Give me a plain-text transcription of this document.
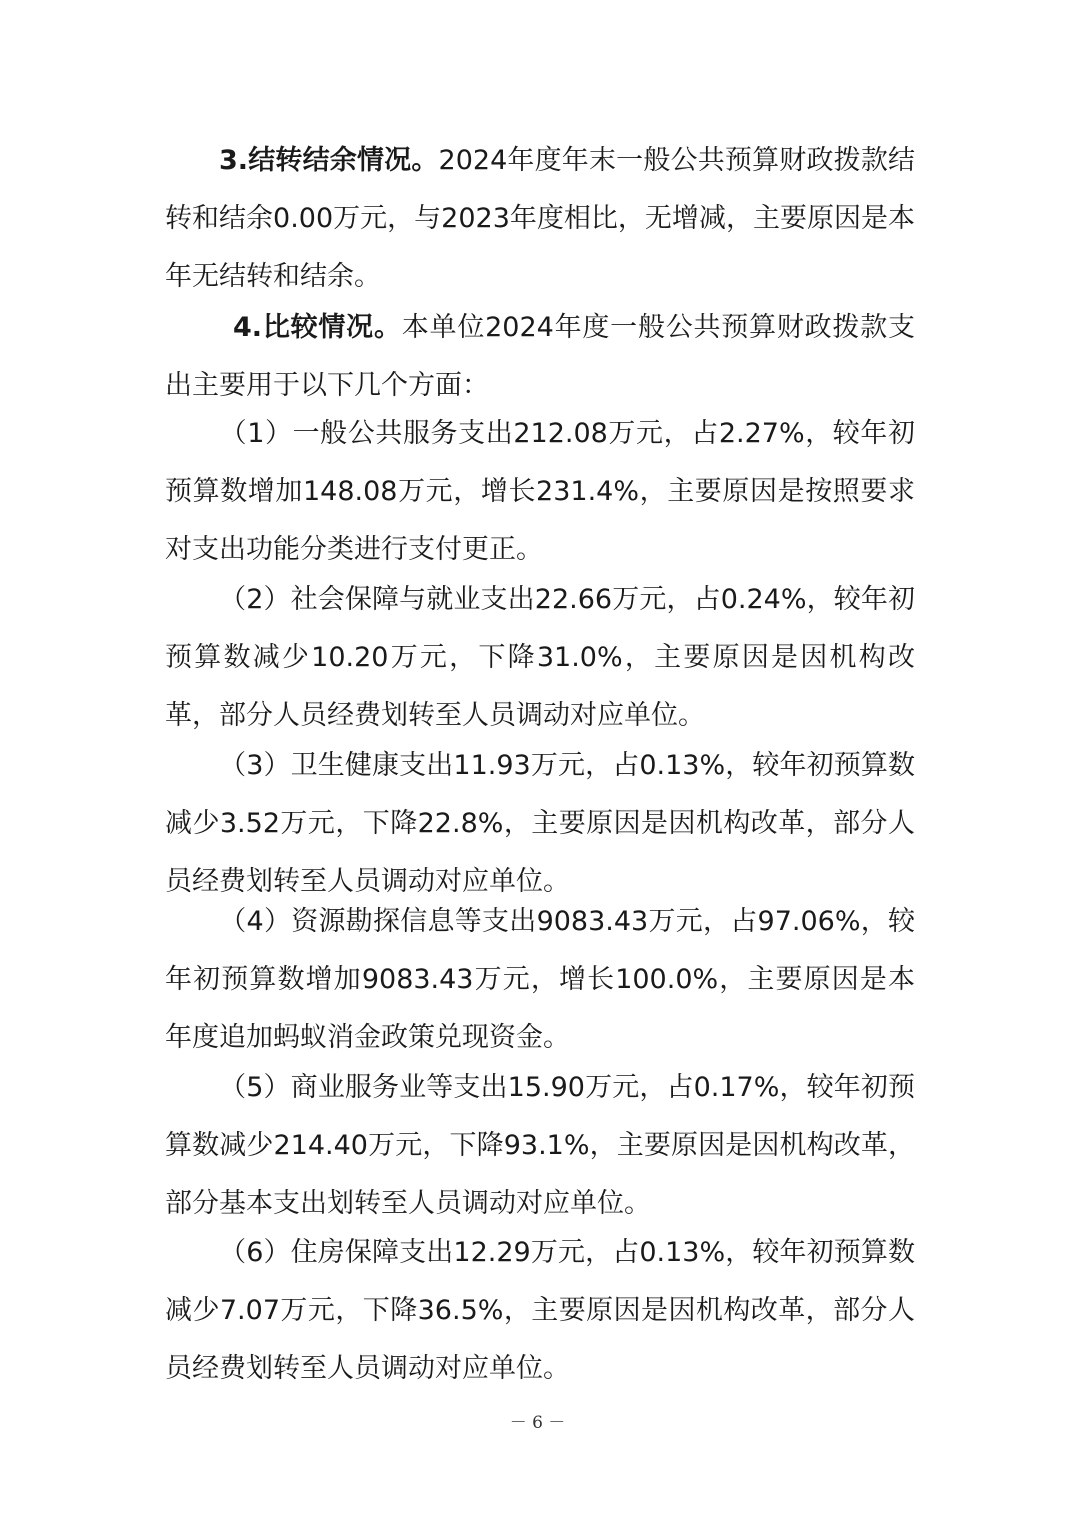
3.结转结余情况。2024年度年末一般公共预算财政拨款结转和结余0.00万元，与2023年度相比，无增减，主要原因是本年无结转和结余。

4.比较情况。本单位2024年度一般公共预算财政拨款支出主要用于以下几个方面：

（1）一般公共服务支出212.08万元，占2.27%，较年初预算数增加148.08万元，增长231.4%，主要原因是按照要求对支出功能分类进行支付更正。

（2）社会保障与就业支出22.66万元，占0.24%，较年初预算数减少10.20万元，下降31.0%，主要原因是因机构改革，部分人员经费划转至人员调动对应单位。

（3）卫生健康支出11.93万元，占0.13%，较年初预算数减少3.52万元，下降22.8%，主要原因是因机构改革，部分人员经费划转至人员调动对应单位。

（4）资源勘探信息等支出9083.43万元，占97.06%，较年初预算数增加9083.43万元，增长100.0%，主要原因是本年度追加蚂蚁消金政策兑现资金。

（5）商业服务业等支出15.90万元，占0.17%，较年初预算数减少214.40万元，下降93.1%，主要原因是因机构改革，部分基本支出划转至人员调动对应单位。

（6）住房保障支出12.29万元，占0.13%，较年初预算数减少7.07万元，下降36.5%，主要原因是因机构改革，部分人员经费划转至人员调动对应单位。

－ 6 －
